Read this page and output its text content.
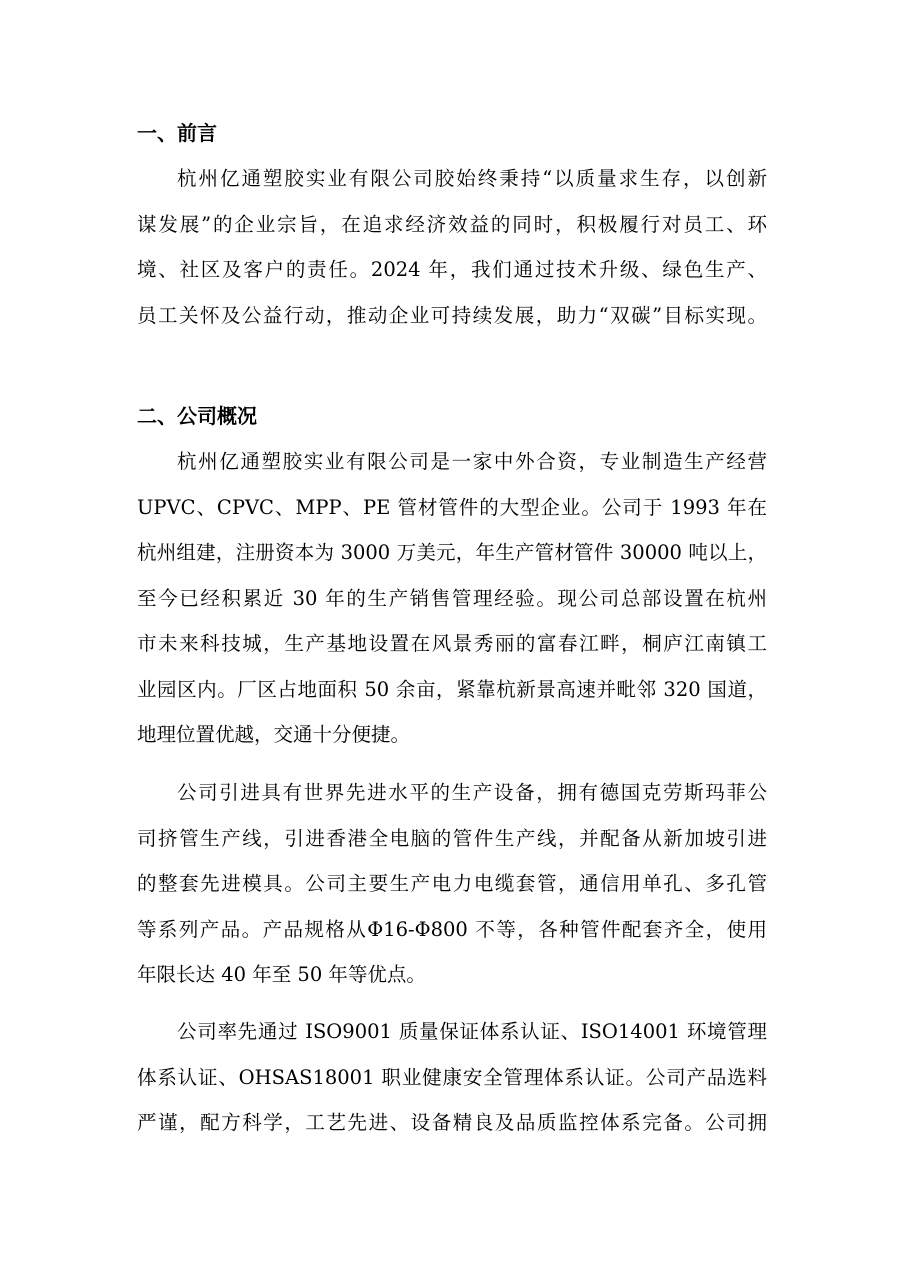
一、前言
杭州亿通塑胶实业有限公司胶始终秉持“以质量求生存，以创新
谋发展”的企业宗旨，在追求经济效益的同时，积极履行对员工、环
境、社区及客户的责任。2024 年，我们通过技术升级、绿色生产、
员工关怀及公益行动，推动企业可持续发展，助力“双碳”目标实现。
二、公司概况
杭州亿通塑胶实业有限公司是一家中外合资，专业制造生产经营
UPVC、CPVC、MPP、PE 管材管件的大型企业。公司于 1993 年在
杭州组建，注册资本为 3000 万美元，年生产管材管件 30000 吨以上，
至今已经积累近 30 年的生产销售管理经验。现公司总部设置在杭州
市未来科技城，生产基地设置在风景秀丽的富春江畔，桐庐江南镇工
业园区内。厂区占地面积 50 余亩，紧靠杭新景高速并毗邻 320 国道，
地理位置优越，交通十分便捷。
公司引进具有世界先进水平的生产设备，拥有德国克劳斯玛菲公
司挤管生产线，引进香港全电脑的管件生产线，并配备从新加坡引进
的整套先进模具。公司主要生产电力电缆套管，通信用单孔、多孔管
等系列产品。产品规格从Φ16-Φ800 不等，各种管件配套齐全，使用
年限长达 40 年至 50 年等优点。
公司率先通过 ISO9001 质量保证体系认证、ISO14001 环境管理
体系认证、OHSAS18001 职业健康安全管理体系认证。公司产品选料
严谨，配方科学，工艺先进、设备精良及品质监控体系完备。公司拥
